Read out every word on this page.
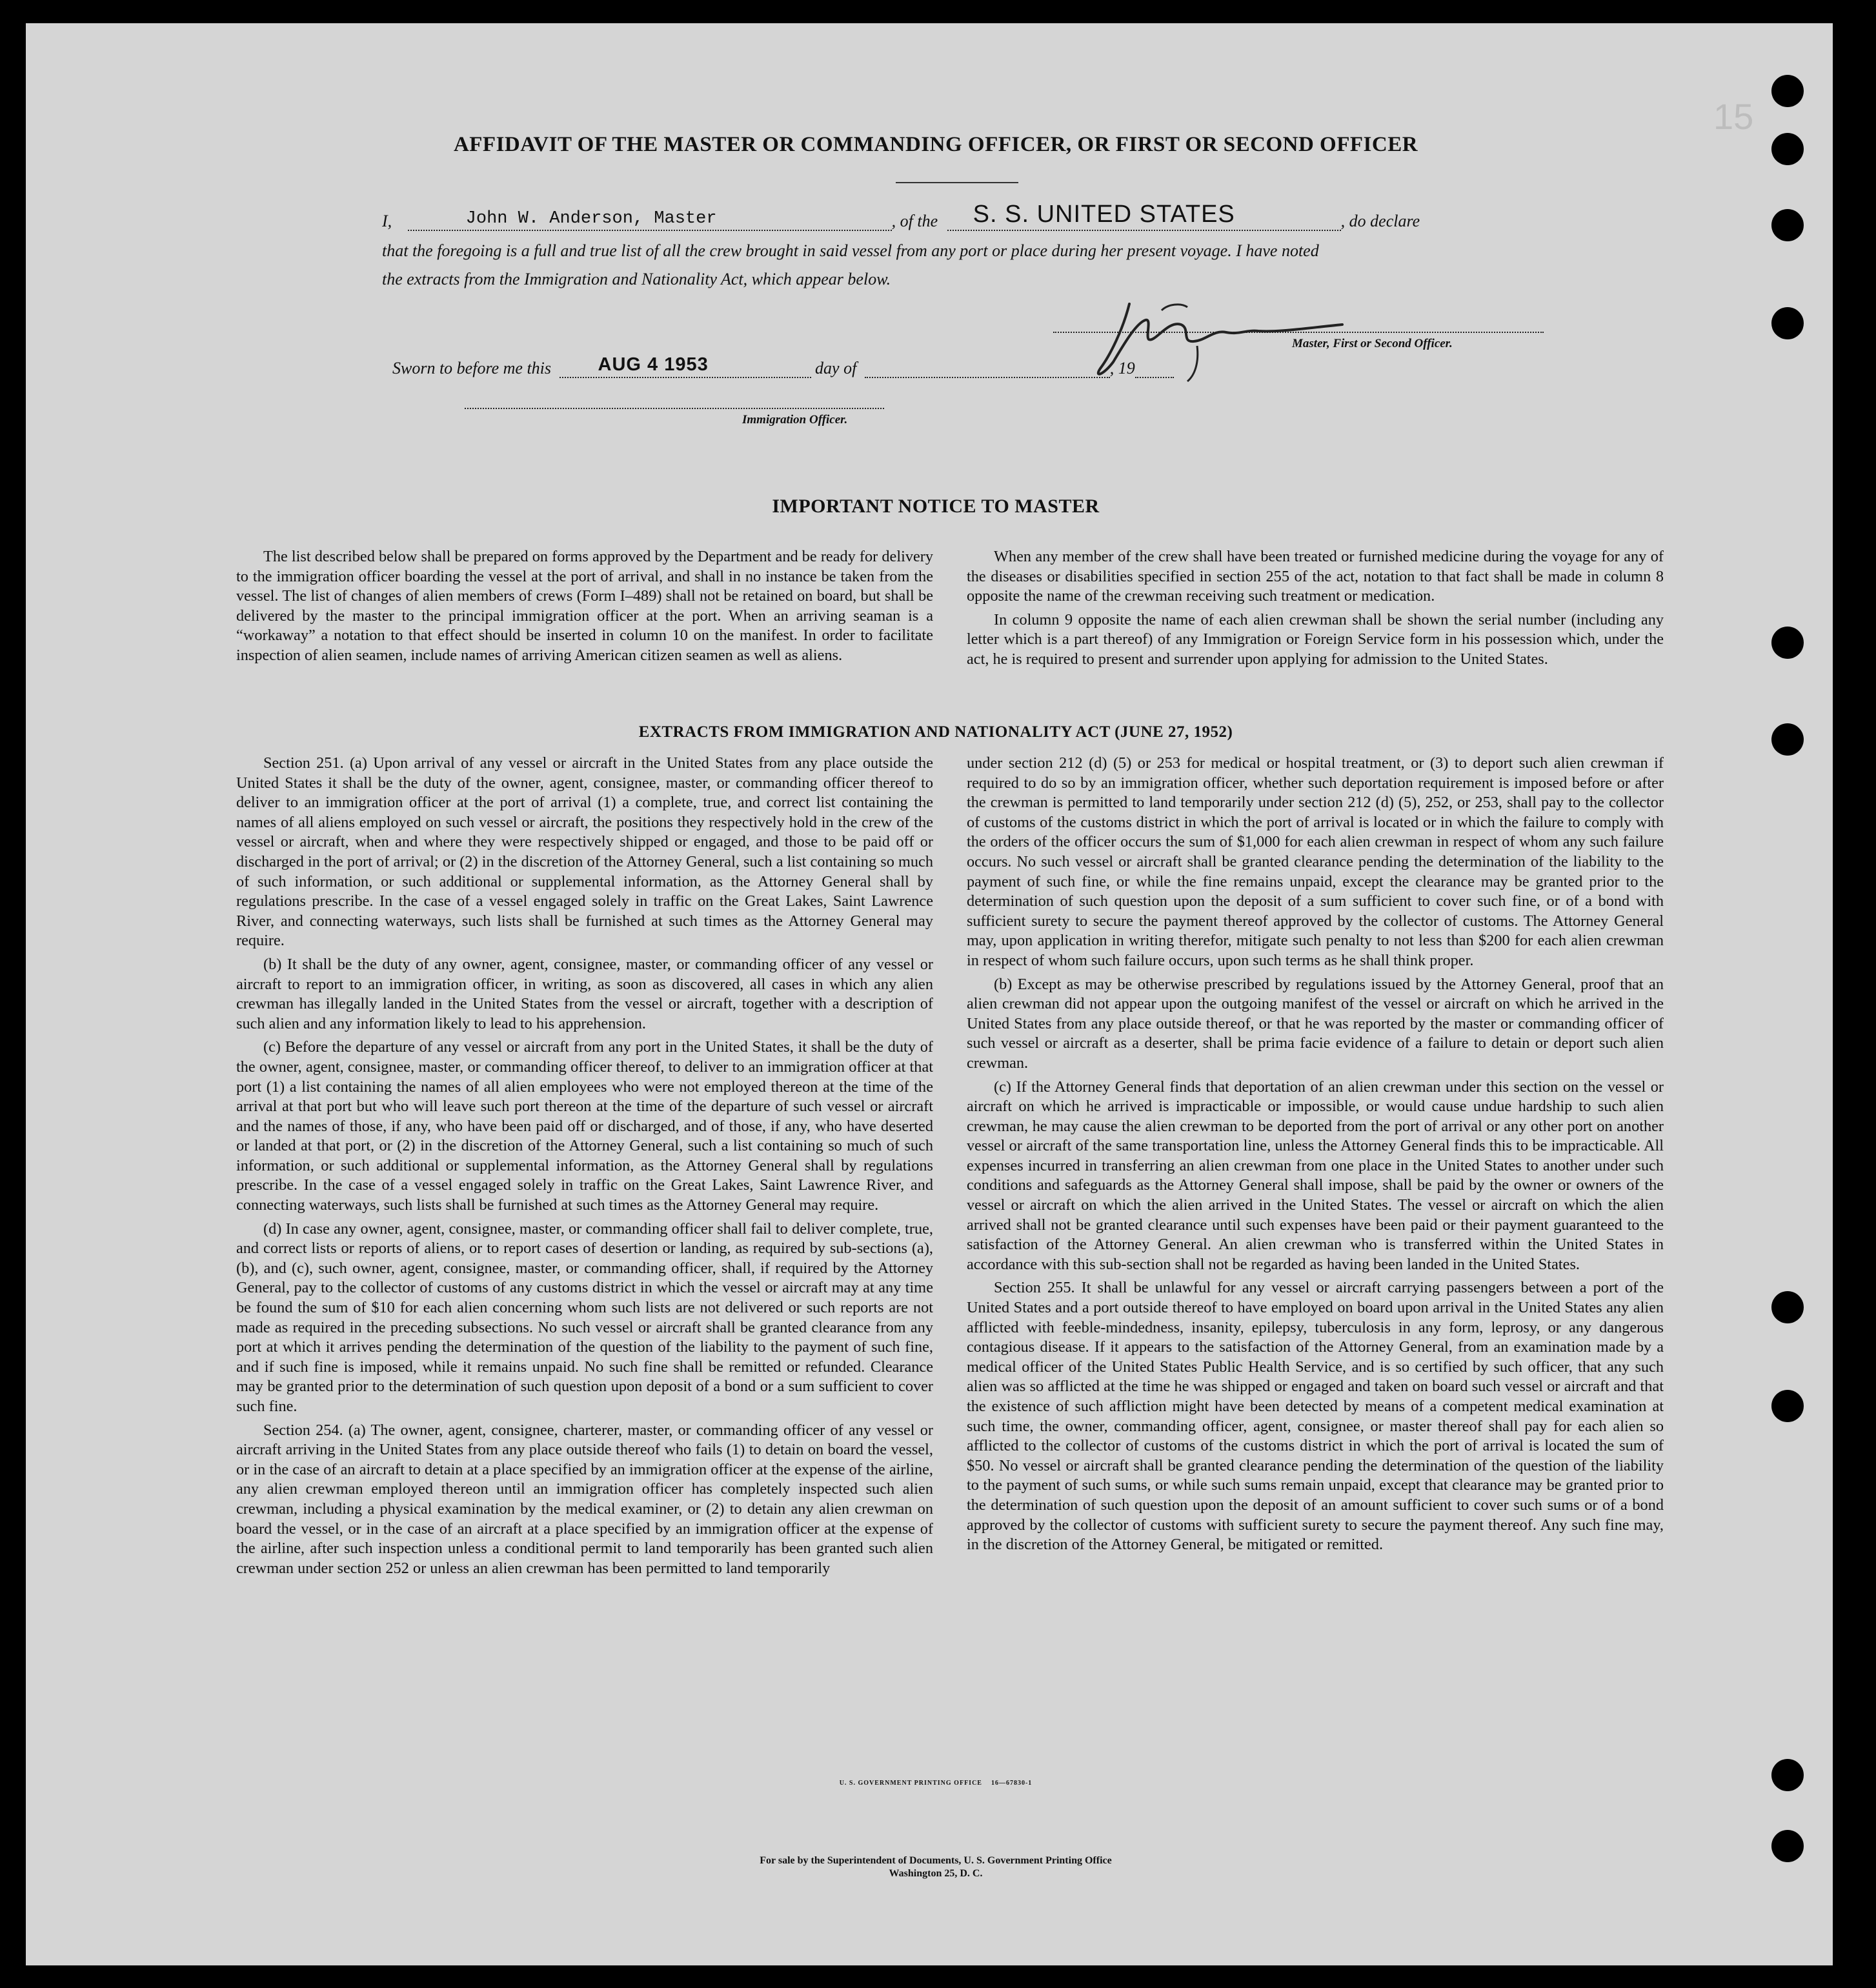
15
AFFIDAVIT OF THE MASTER OR COMMANDING OFFICER, OR FIRST OR SECOND OFFICER
I,	John W. Anderson, Master	, of the	S. S. UNITED STATES	, do declare
that the foregoing is a full and true list of all the crew brought in said vessel from any port or place during her present voyage. I have noted
the extracts from the Immigration and Nationality Act, which appear below.
Master, First or Second Officer.
Sworn to before me this	AUG 4 1953	day of	, 19
Immigration Officer.
IMPORTANT NOTICE TO MASTER

The list described below shall be prepared on forms approved by the Department and be ready for delivery to the immigration officer boarding the vessel at the port of arrival, and shall in no instance be taken from the vessel. The list of changes of alien members of crews (Form I–489) shall not be retained on board, but shall be delivered by the master to the principal immigration officer at the port. When an arriving seaman is a “workaway” a notation to that effect should be inserted in column 10 on the manifest. In order to facilitate inspection of alien seamen, include names of arriving American citizen seamen as well as aliens.

When any member of the crew shall have been treated or furnished medicine during the voyage for any of the diseases or disabilities specified in section 255 of the act, notation to that fact shall be made in column 8 opposite the name of the crewman receiving such treatment or medication.

In column 9 opposite the name of each alien crewman shall be shown the serial number (including any letter which is a part thereof) of any Immigration or Foreign Service form in his possession which, under the act, he is required to present and surrender upon applying for admission to the United States.

EXTRACTS FROM IMMIGRATION AND NATIONALITY ACT (JUNE 27, 1952)

Section 251. (a) Upon arrival of any vessel or aircraft in the United States from any place outside the United States it shall be the duty of the owner, agent, consignee, master, or commanding officer thereof to deliver to an immigration officer at the port of arrival (1) a complete, true, and correct list containing the names of all aliens employed on such vessel or aircraft, the positions they respectively hold in the crew of the vessel or aircraft, when and where they were respectively shipped or engaged, and those to be paid off or discharged in the port of arrival; or (2) in the discretion of the Attorney General, such a list containing so much of such information, or such additional or supplemental information, as the Attorney General shall by regulations prescribe. In the case of a vessel engaged solely in traffic on the Great Lakes, Saint Lawrence River, and connecting waterways, such lists shall be furnished at such times as the Attorney General may require.

(b) It shall be the duty of any owner, agent, consignee, master, or commanding officer of any vessel or aircraft to report to an immigration officer, in writing, as soon as discovered, all cases in which any alien crewman has illegally landed in the United States from the vessel or aircraft, together with a description of such alien and any information likely to lead to his apprehension.

(c) Before the departure of any vessel or aircraft from any port in the United States, it shall be the duty of the owner, agent, consignee, master, or commanding officer thereof, to deliver to an immigration officer at that port (1) a list containing the names of all alien employees who were not employed thereon at the time of the arrival at that port but who will leave such port thereon at the time of the departure of such vessel or aircraft and the names of those, if any, who have been paid off or discharged, and of those, if any, who have deserted or landed at that port, or (2) in the discretion of the Attorney General, such a list containing so much of such information, or such additional or supplemental information, as the Attorney General shall by regulations prescribe. In the case of a vessel engaged solely in traffic on the Great Lakes, Saint Lawrence River, and connecting waterways, such lists shall be furnished at such times as the Attorney General may require.

(d) In case any owner, agent, consignee, master, or commanding officer shall fail to deliver complete, true, and correct lists or reports of aliens, or to report cases of desertion or landing, as required by sub-sections (a), (b), and (c), such owner, agent, consignee, master, or commanding officer, shall, if required by the Attorney General, pay to the collector of customs of any customs district in which the vessel or aircraft may at any time be found the sum of $10 for each alien concerning whom such lists are not delivered or such reports are not made as required in the preceding subsections. No such vessel or aircraft shall be granted clearance from any port at which it arrives pending the determination of the question of the liability to the payment of such fine, and if such fine is imposed, while it remains unpaid. No such fine shall be remitted or refunded. Clearance may be granted prior to the determination of such question upon deposit of a bond or a sum sufficient to cover such fine.

Section 254. (a) The owner, agent, consignee, charterer, master, or commanding officer of any vessel or aircraft arriving in the United States from any place outside thereof who fails (1) to detain on board the vessel, or in the case of an aircraft to detain at a place specified by an immigration officer at the expense of the airline, any alien crewman employed thereon until an immigration officer has completely inspected such alien crewman, including a physical examination by the medical examiner, or (2) to detain any alien crewman on board the vessel, or in the case of an aircraft at a place specified by an immigration officer at the expense of the airline, after such inspection unless a conditional permit to land temporarily has been granted such alien crewman under section 252 or unless an alien crewman has been permitted to land temporarily

under section 212 (d) (5) or 253 for medical or hospital treatment, or (3) to deport such alien crewman if required to do so by an immigration officer, whether such deportation requirement is imposed before or after the crewman is permitted to land temporarily under section 212 (d) (5), 252, or 253, shall pay to the collector of customs of the customs district in which the port of arrival is located or in which the failure to comply with the orders of the officer occurs the sum of $1,000 for each alien crewman in respect of whom any such failure occurs. No such vessel or aircraft shall be granted clearance pending the determination of the liability to the payment of such fine, or while the fine remains unpaid, except the clearance may be granted prior to the determination of such question upon the deposit of a sum sufficient to cover such fine, or of a bond with sufficient surety to secure the payment thereof approved by the collector of customs. The Attorney General may, upon application in writing therefor, mitigate such penalty to not less than $200 for each alien crewman in respect of whom such failure occurs, upon such terms as he shall think proper.

(b) Except as may be otherwise prescribed by regulations issued by the Attorney General, proof that an alien crewman did not appear upon the outgoing manifest of the vessel or aircraft on which he arrived in the United States from any place outside thereof, or that he was reported by the master or commanding officer of such vessel or aircraft as a deserter, shall be prima facie evidence of a failure to detain or deport such alien crewman.

(c) If the Attorney General finds that deportation of an alien crewman under this section on the vessel or aircraft on which he arrived is impracticable or impossible, or would cause undue hardship to such alien crewman, he may cause the alien crewman to be deported from the port of arrival or any other port on another vessel or aircraft of the same transportation line, unless the Attorney General finds this to be impracticable. All expenses incurred in transferring an alien crewman from one place in the United States to another under such conditions and safeguards as the Attorney General shall impose, shall be paid by the owner or owners of the vessel or aircraft on which the alien arrived in the United States. The vessel or aircraft on which the alien arrived shall not be granted clearance until such expenses have been paid or their payment guaranteed to the satisfaction of the Attorney General. An alien crewman who is transferred within the United States in accordance with this sub-section shall not be regarded as having been landed in the United States.

Section 255. It shall be unlawful for any vessel or aircraft carrying passengers between a port of the United States and a port outside thereof to have employed on board upon arrival in the United States any alien afflicted with feeble-mindedness, insanity, epilepsy, tuberculosis in any form, leprosy, or any dangerous contagious disease. If it appears to the satisfaction of the Attorney General, from an examination made by a medical officer of the United States Public Health Service, and is so certified by such officer, that any such alien was so afflicted at the time he was shipped or engaged and taken on board such vessel or aircraft and that the existence of such affliction might have been detected by means of a competent medical examination at such time, the owner, commanding officer, agent, consignee, or master thereof shall pay for each alien so afflicted to the collector of customs of the customs district in which the port of arrival is located the sum of $50. No vessel or aircraft shall be granted clearance pending the determination of the question of the liability to the payment of such sums, or while such sums remain unpaid, except that clearance may be granted prior to the determination of such question upon the deposit of an amount sufficient to cover such sums or of a bond approved by the collector of customs with sufficient surety to secure the payment thereof. Any such fine may, in the discretion of the Attorney General, be mitigated or remitted.

U. S. GOVERNMENT PRINTING OFFICE    16—67830-1
For sale by the Superintendent of Documents, U. S. Government Printing Office
Washington 25, D. C.
